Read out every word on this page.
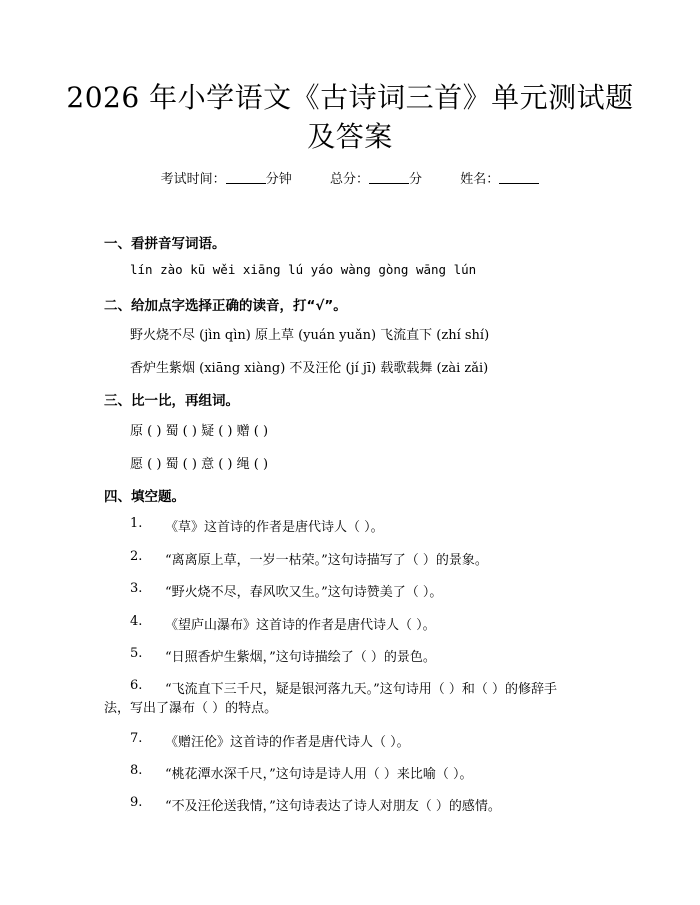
2026 年小学语文《古诗词三首》单元测试题
及答案
考试时间：	分钟	总分：	分	姓名：
一、看拼音写词语。
lín zào kū wěi xiāng lú yáo wàng gòng wāng lún
二、给加点字选择正确的读音，打“√”。
野火烧不尽 (jìn qìn) 原上草 (yuán yuǎn) 飞流直下 (zhí shí)
香炉生紫烟 (xiāng xiàng) 不及汪伦 (jí jī) 载歌载舞 (zài zǎi)
三、比一比，再组词。
原 ( ) 蜀 ( ) 疑 ( ) 赠 ( )
愿 ( ) 蜀 ( ) 意 ( ) 绳 ( )
四、填空题。
1. 《草》这首诗的作者是唐代诗人（ ）。
2. “离离原上草，一岁一枯荣。”这句诗描写了（ ）的景象。
3. “野火烧不尽，春风吹又生。”这句诗赞美了（ ）。
4. 《望庐山瀑布》这首诗的作者是唐代诗人（ ）。
5. “日照香炉生紫烟，”这句诗描绘了（ ）的景色。
6. “飞流直下三千尺，疑是银河落九天。”这句诗用（ ）和（ ）的修辞手
法，写出了瀑布（ ）的特点。
7. 《赠汪伦》这首诗的作者是唐代诗人（ ）。
8. “桃花潭水深千尺，”这句诗是诗人用（ ）来比喻（ ）。
9. “不及汪伦送我情，”这句诗表达了诗人对朋友（ ）的感情。
